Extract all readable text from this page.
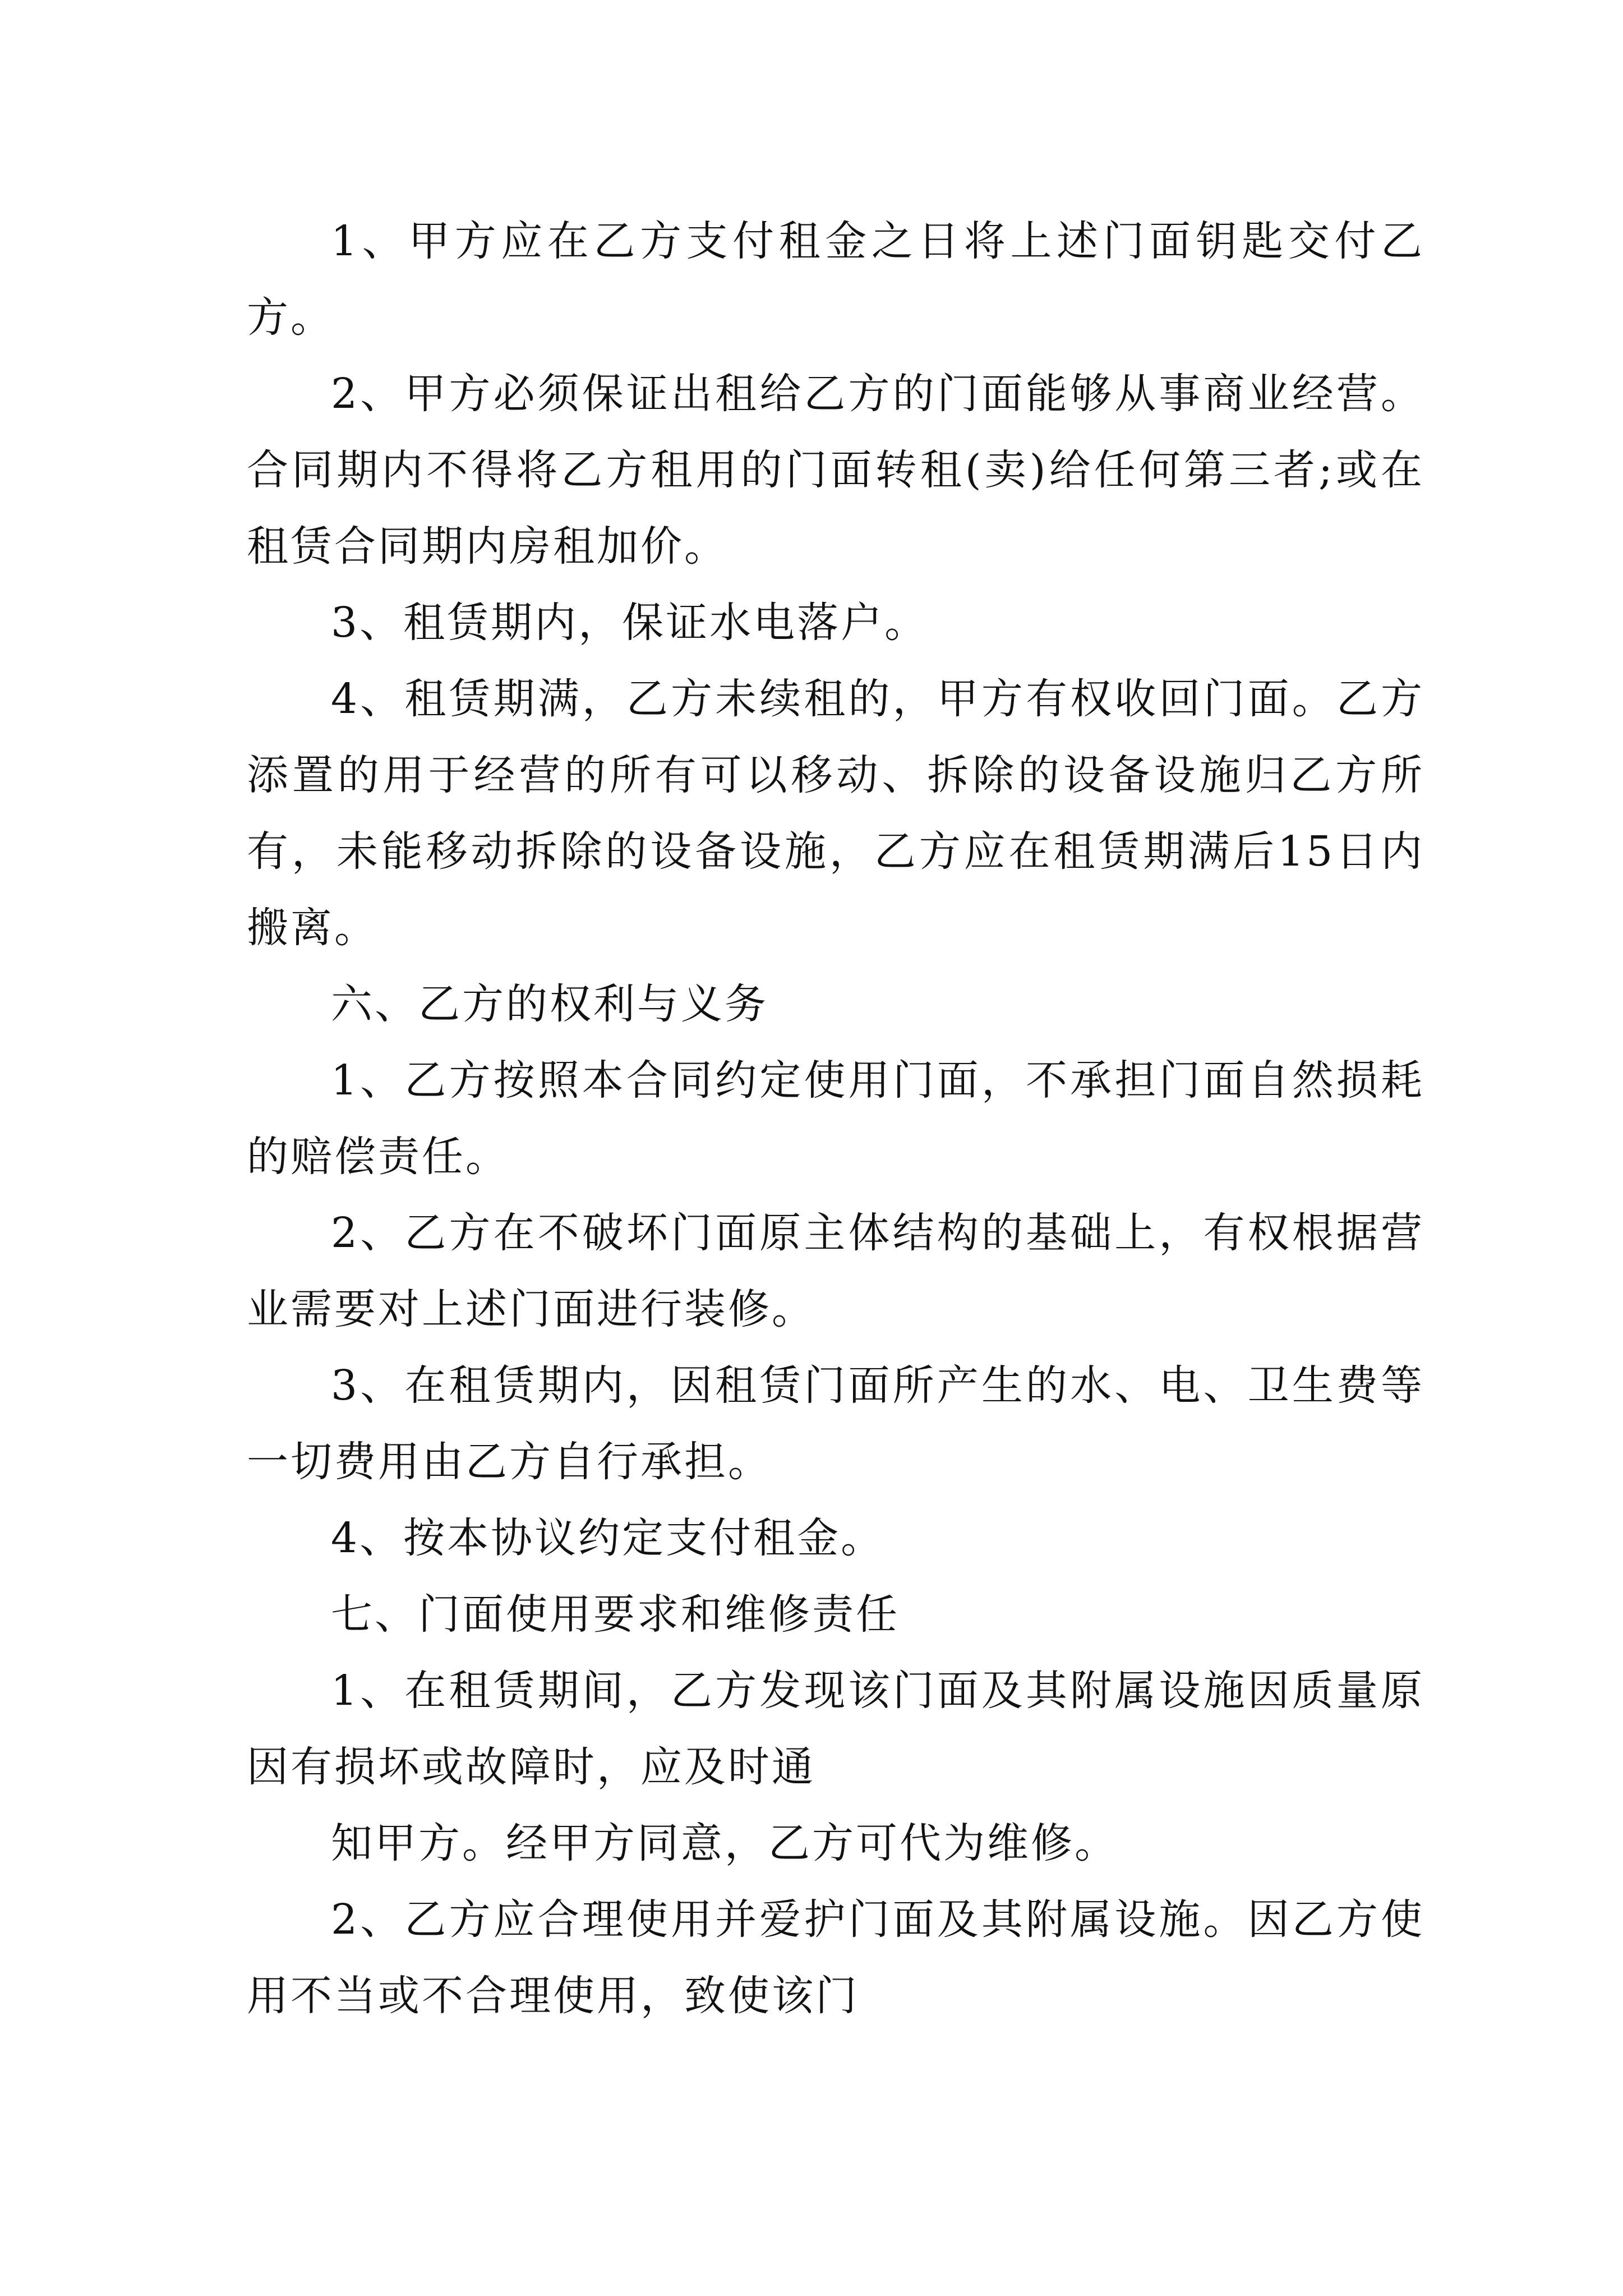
1、甲方应在乙方支付租金之日将上述门面钥匙交付乙方。

2、甲方必须保证出租给乙方的门面能够从事商业经营。合同期内不得将乙方租用的门面转租(卖)给任何第三者;或在租赁合同期内房租加价。

3、租赁期内，保证水电落户。

4、租赁期满，乙方未续租的，甲方有权收回门面。乙方添置的用于经营的所有可以移动、拆除的设备设施归乙方所有，未能移动拆除的设备设施，乙方应在租赁期满后15日内搬离。

六、乙方的权利与义务

1、乙方按照本合同约定使用门面，不承担门面自然损耗的赔偿责任。

2、乙方在不破坏门面原主体结构的基础上，有权根据营业需要对上述门面进行装修。

3、在租赁期内，因租赁门面所产生的水、电、卫生费等一切费用由乙方自行承担。

4、按本协议约定支付租金。

七、门面使用要求和维修责任

1、在租赁期间，乙方发现该门面及其附属设施因质量原因有损坏或故障时，应及时通

知甲方。经甲方同意，乙方可代为维修。

2、乙方应合理使用并爱护门面及其附属设施。因乙方使用不当或不合理使用，致使该门
